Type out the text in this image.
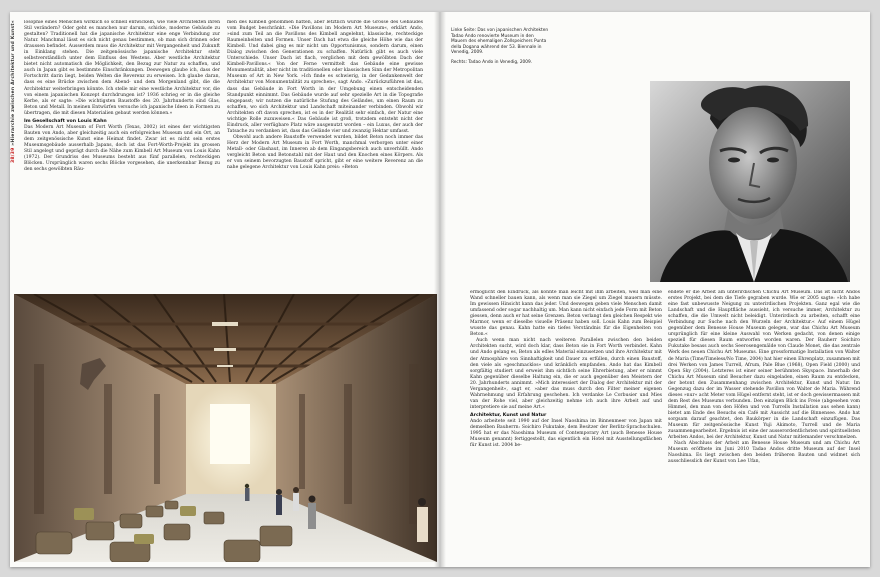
38/39 »Hierarchie zwischen Architektur und Kunst«	losophie eines Menschen wirklich so schnell entwickeln, wie viele Architekten ihren Stil verändern? Oder geht es manchen nur darum, schicke, moderne Gebäude zu gestalten? Traditionell hat die japanische Architektur eine enge Verbindung zur Natur. Manchmal lässt es sich nicht genau bestimmen, ob man sich drinnen oder draussen befindet. Ausserdem muss die Architektur mit Vergangenheit und Zukunft in Einklang stehen. Die zeitgenössische japanische Architektur steht selbstverständlich unter dem Einfluss des Westens. Aber westliche Architektur bietet nicht automatisch die Möglichkeit, den Bezug zur Natur zu schaffen, und auch in Japan gibt es bestimmte Einschränkungen. Deswegen glaube ich, dass der Fortschritt darin liegt, beiden Welten die Reverenz zu erweisen. Ich glaube daran, dass es eine Brücke zwischen dem Abend- und dem Morgenland gibt, die die Architektur weiterbringen könnte. Ich stelle mir eine westliche Architektur vor, die von einem japanischen Konzept durchdrungen ist? 1936 schrieg er in die gleiche Kerbe, als er sagte: »Die wichtigsten Baustoffe des 20. Jahrhunderts sind Glas, Beton und Metall. In meinen Entwürfen versuche ich japanische Ideen in Formen zu übertragen, die mit diesen Materialien gebaut werden können.«

Im Gesellschaft von Louis Kahn

Das Modern Art Museum of Fort Worth (Texas, 2002) ist eines der wichtigsten Bauten von Ando, aber gleichzeitig auch ein erfolgreiches Museum und ein Ort, an dem zeitgenössische Kunst eine Heimat findet. Zwar ist es nicht sein erstes Museumsgebäude ausserhalb Japans, doch ist das Fort-Worth-Projekt im grossen Stil angelegt und geprägt durch die Nähe zum Kimbell Art Museum von Louis Kahn (1972). Der Grundriss des Museums besteht aus fünf parallelen, rechteckigen Blöcken. Ursprünglich waren sechs Blöcke vorgesehen, die unerkennbar Bezug zu den sechs gewölbten Räu-

men des Kimbell genommen hätten, aber letztlich wurde die Grösse des Gebäudes vom Budget beschränkt. »Die Pavillons im Modern Art Museum«, erklärt Ando, »sind zum Teil an die Pavillons des Kimbell angelehnt, klassische, rechteckige Raumeinheiten und Formen. Unser Dach hat etwa die gleiche Höhe wie das der Kimbell. Und dabei ging es mir nicht um Opportunismus, sondern darum, einen Dialog zwischen den Generationen zu schaffen. Natürlich gibt es auch viele Unterschiede. Unser Dach ist flach, verglichen mit dem gewölbten Dach der Kimbell-Pavillons.« Von der Ferne vermittelt das Gebäude eine gewisse Monumentalität, aber nicht im traditionellen oder klassischen Sinn der Metropolitan Museum of Art in New York. »Ich finde es schwierig, in der Gedankenwelt der Architektur von Monumentalität zu sprechen«, sagt Ando. »Zurückzuführen ist das, dass das Gebäude in Fort Worth in der Umgebung einen entscheidenden Standpunkt einnimmt. Das Gebäude wurde auf sehr spezielle Art in die Topografie eingepasst; wir nutzen die natürliche Stufung des Geländes, um einen Raum zu schaffen, wo sich Architektur und Landschaft miteinander verbinden. Obwohl wir Architekten oft davon sprechen, ist es in der Realität sehr einfach, der Natur eine wichtige Rolle zuzuweisen.« Das Gebäude ist groß, trotzdem entsteht nicht der Eindruck, aller verfügbare Platz wäre ausgenutzt worden – ein Luxus, der auch der Tatsache zu verdanken ist, dass das Gelände vier und zwanzig Hektar umfasst.

Obwohl auch andere Baustoffe verwendet wurden, bildet Beton noch immer das Herz der Modern Art Museum in Fort Worth, manchmal verborgen unter einer Metall- oder Glashaut, im Inneren ab dem Eingangsbereich auch unverhüllt. Ando vergleicht Beton und Betonstahl mit der Haut und den Knochen eines Körpers. Als er von seinem bevorzugten Baustoff spricht, gibt er eine weitere Reverenz an die nahe gelegene Architektur von Louis Kahn preis: »Beton

Linke Seite: Das von japanischen Architekten Tadao Ando renovierte Museum in den Mauern des ehemaligen Zollspeichers Punta della Dogana während der 53. Biennale in Venedig, 2009.

Rechts: Tadao Ando in Venedig, 2009.

ermöglicht den Eindruck, als könnte man leicht mit ihm arbeiten, weil man eine Wand schneller bauen kann, als wenn man sie Ziegel um Ziegel mauern müsste. Im gewissen Hinsicht kann das jeder. Und deswegen geben viele Menschen damit umfassend oder sogar nachhaltig um. Man kann nicht einfach jede Form mit Beton giessen, denn auch er hat seine Grenzen. Beton verlangt den gleichen Respekt wie Marmor, wenn er dieselbe visuelle Präsenz haben soll. Louis Kahn zum Beispiel wusste das genau. Kahn hatte ein tiefes Verständnis für die Eigenheiten von Beton.«

Auch wenn man nicht nach weiteren Parallelen zwischen den beiden Architekten sucht, wird doch klar, dass Beton sie in Fort Worth verbindet. Kahn und Ando gelang es, Beton als edles Material einzusetzen und ihre Architektur mit der Atmosphäre von Sinnhaftigkeit und Dauer zu erfüllen, durch einen Baustoff, den viele als »geschmacklos« und kränklich empfanden. Ando hat das Kimbell sorgfältig studiert und erweist ihm sichtlich seine Ehrerbietung, aber er nimmt Kahn gegenüber dieselbe Haltung ein, die er auch gegenüber den Meistern der 20. Jahrhunderts annimmt. »Mich interessiert der Dialog der Architektur mit der Vergangenheit«, sagt er, »aber das muss durch den Filter meiner eigenen Wahrnehmung und Erfahrung geschehen. Ich verdanke Le Corbusier und Mies van der Rohe viel, aber gleichzeitig nehme ich auch ihre Arbeit auf und interpretiere sie auf meine Art.«

Architektur, Kunst und Natur

Ando arbeitete seit 1990 auf der Insel Naoshima im Binnenmeer von Japan mit demselben Bauherrn: Soichiro Fukutake, dem Besitzer der Berlitz-Sprachschulen. 1995 hat er das Naoshima Museum of Contemporary Art (auch Benesse House Museum genannt) fertiggestellt, das eigentlich ein Hotel mit Ausstellungsflächen für Kunst ist. 2004 be-

endete er die Arbeit am unterirdischen Chichu Art Museum. Das ist nicht Andos erstes Projekt, bei dem die Tiefe gegraben wurde. Wie er 2005 sagte: »Ich habe eine fast unbewusste Neigung zu unterirdischen Projekten. Ganz egal wie die Landschaft und die Hauptfläche aussieht, ich versuche immer, Architektur zu schaffen, die die Umwelt nicht beleidigt. Unterirdisch zu arbeiten, schafft eine Verbindung zur Suche nach den Wurzeln der Architektur.« Auf einem Hügel gegenüber dem Benesse House Museum gelegen, war das Chichu Art Museum ursprünglich für eine kleine Auswahl von Werken gedacht, von denen einige speziell für diesen Raum entworfen worden waren. Der Bauherr Soichiro Fukutake besass auch sechs Seerosengemälde von Claude Monet, die das zentrale Werk des neuen Chichu Art Museums. Eine grossformatige Installation von Walter de Maria (Time/Timeless/No Time, 2004) hat hier einen Ehrenplatz, zusammen mit drei Werken von James Turrell, Afrum, Pale Blue (1968), Open Field (2000) und Open Sky (2004). Letzteres ist einer seiner berühmten Skyspace. Innerhalb der Chichu Art Museum sind Besucher dazu eingeladen, einen Raum zu entdecken, der betont den Zusammenhang zwischen Architektur, Kunst und Natur. Im Gegenzug dazu der im Wasser stehende Pavillon von Walter de Maria. Während dieses »nur« acht Meter vom Hügel entfernt steht, ist er doch gewissermassen mit dem Rest des Museums verbunden. Den einzigen Blick ins Freie (abgesehen vom Himmel, den man von den Höfen und von Turrells Installation aus sehen kann) bietet am Ende des Besuchs ein Café mit Aussicht auf die Binnensee. Ando hat sorgsam darauf geachtet, den Baukörper in die Landschaft einzufügen. Das Museum für zeitgenössische Kunst Yuji Akimoto, Turrell und de Maria zusammengearbeitet. Ergebnis ist eine der ausserordentlichsten und spirituellsten Arbeiten Andos, bei der Architektur, Kunst und Natur mitlemander verschmelzen.

Nach Abschluss der Arbeit am Benesse House Museum und am Chichu Art Museum eröffnete im Juni 2010 Tadao Andos dritte Museum auf der Insel Naoshima. Es liegt zwischen den beiden früheren Bauten und widmet sich ausschliesslich der Kunst von Lee Ufan,
